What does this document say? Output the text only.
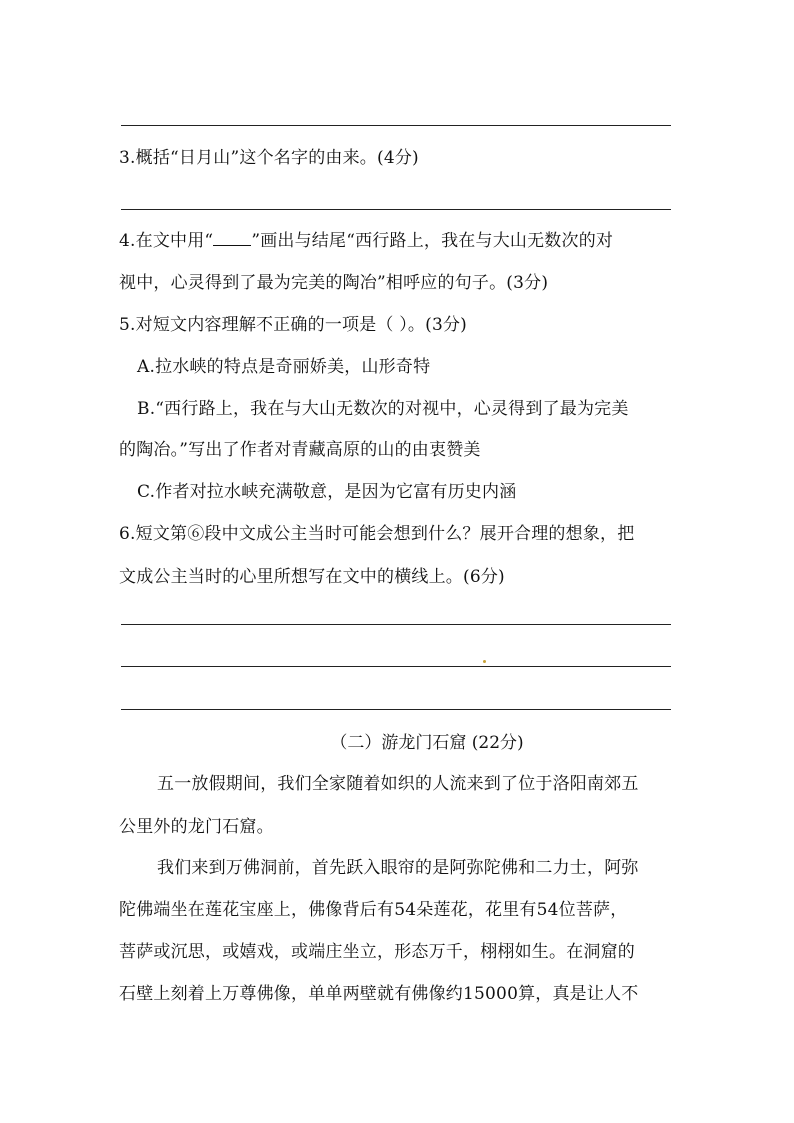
3.概括“日月山”这个名字的由来。(4分)
4.在文中用“ ”画出与结尾“西行路上，我在与大山无数次的对
视中，心灵得到了最为完美的陶冶”相呼应的句子。(3分)
5.对短文内容理解不正确的一项是（ ）。(3分)
A.拉水峡的特点是奇丽娇美，山形奇特
B.“西行路上，我在与大山无数次的对视中，心灵得到了最为完美
的陶冶。”写出了作者对青藏高原的山的由衷赞美
C.作者对拉水峡充满敬意，是因为它富有历史内涵
6.短文第⑥段中文成公主当时可能会想到什么？展开合理的想象，把
文成公主当时的心里所想写在文中的横线上。(6分)
（二）游龙门石窟 (22分)
五一放假期间，我们全家随着如织的人流来到了位于洛阳南郊五
公里外的龙门石窟。
我们来到万佛洞前，首先跃入眼帘的是阿弥陀佛和二力士，阿弥
陀佛端坐在莲花宝座上，佛像背后有54朵莲花，花里有54位菩萨，
菩萨或沉思，或嬉戏，或端庄坐立，形态万千，栩栩如生。在洞窟的
石壁上刻着上万尊佛像，单单两壁就有佛像约15000算，真是让人不
